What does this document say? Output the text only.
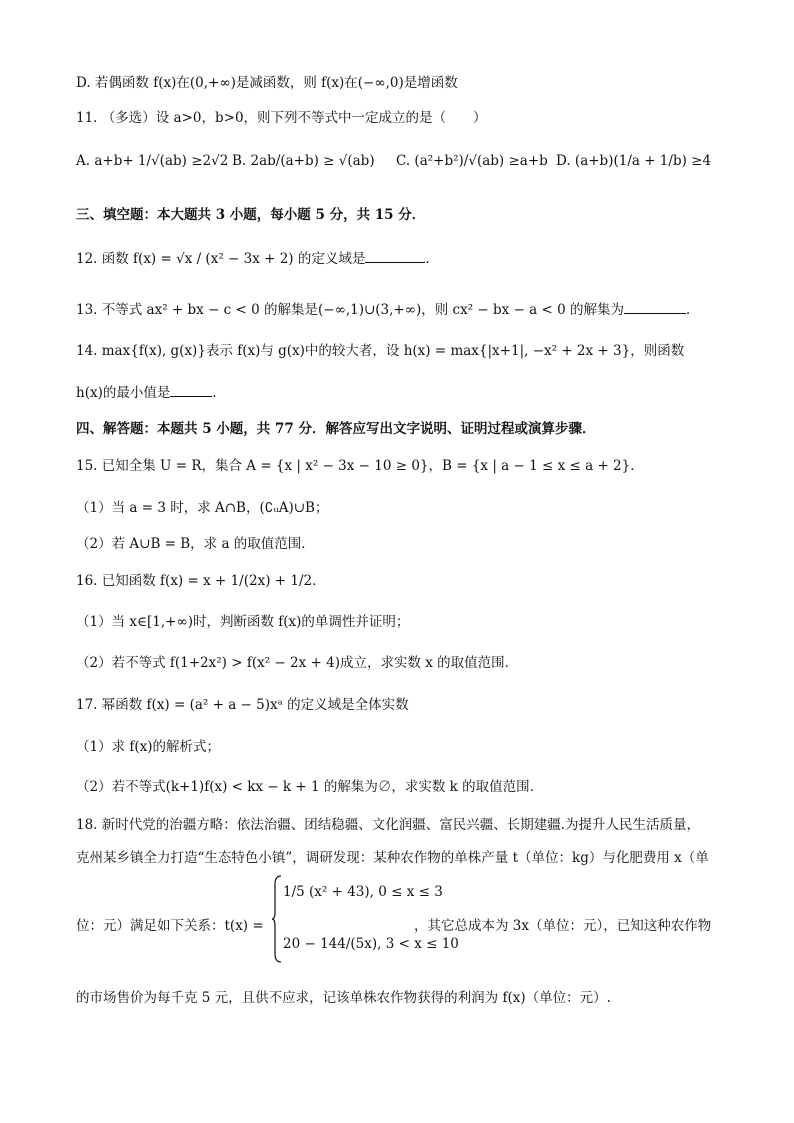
D. 若偶函数 f(x)在(0,+∞)是减函数，则 f(x)在(−∞,0)是增函数
11. （多选）设 a>0，b>0，则下列不等式中一定成立的是（　　）
A. a+b+ 1/√(ab) ≥2√2 B. 2ab/(a+b) ≥ √(ab) C. (a²+b²)/√(ab) ≥a+b D. (a+b)(1/a + 1/b) ≥4
三、填空题：本大题共 3 小题，每小题 5 分，共 15 分．
12. 函数 f(x) = √x / (x² − 3x + 2) 的定义域是	．
13. 不等式 ax² + bx − c < 0 的解集是(−∞,1)∪(3,+∞)，则 cx² − bx − a < 0 的解集为	．
14. max{f(x), g(x)}表示 f(x)与 g(x)中的较大者，设 h(x) = max{|x+1|, −x² + 2x + 3}，则函数
h(x)的最小值是	．
四、解答题：本题共 5 小题，共 77 分．解答应写出文字说明、证明过程或演算步骤．
15. 已知全集 U = R，集合 A = {x | x² − 3x − 10 ≥ 0}，B = {x | a − 1 ≤ x ≤ a + 2}．
（1）当 a = 3 时，求 A∩B，(∁ᵤA)∪B；
（2）若 A∪B = B，求 a 的取值范围．
16. 已知函数 f(x) = x + 1/(2x) + 1/2．
（1）当 x∈[1,+∞)时，判断函数 f(x)的单调性并证明；
（2）若不等式 f(1+2x²) > f(x² − 2x + 4)成立，求实数 x 的取值范围．
17. 幂函数 f(x) = (a² + a − 5)xᵃ 的定义域是全体实数
（1）求 f(x)的解析式；
（2）若不等式(k+1)f(x) < kx − k + 1 的解集为∅，求实数 k 的取值范围．
18. 新时代党的治疆方略：依法治疆、团结稳疆、文化润疆、富民兴疆、长期建疆.为提升人民生活质量，
克州某乡镇全力打造“生态特色小镇”，调研发现：某种农作物的单株产量 t（单位：kg）与化肥费用 x（单
位：元）满足如下关系：t(x) =
1/5 (x² + 43), 0 ≤ x ≤ 3
20 − 144/(5x), 3 < x ≤ 10
，其它总成本为 3x（单位：元），已知这种农作物
的市场售价为每千克 5 元，且供不应求，记该单株农作物获得的利润为 f(x)（单位：元）.
